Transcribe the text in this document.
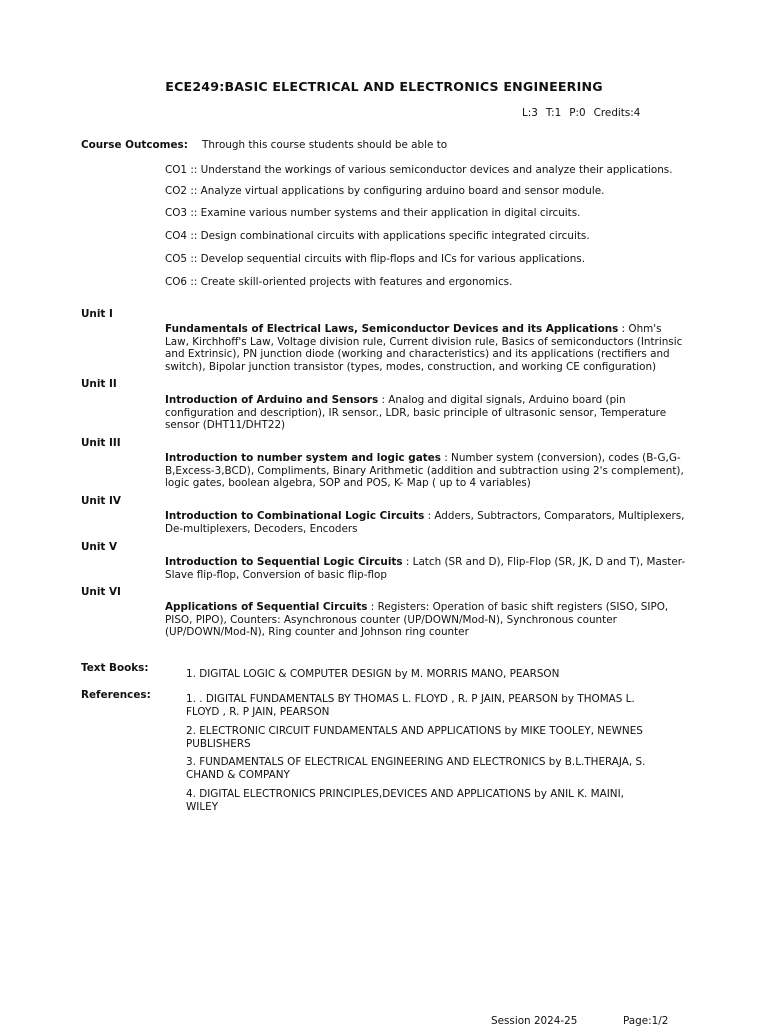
ECE249:BASIC ELECTRICAL AND ELECTRONICS ENGINEERING
L:3 T:1 P:0 Credits:4
Course Outcomes: Through this course students should be able to
CO1 :: Understand the workings of various semiconductor devices and analyze their applications.
CO2 :: Analyze virtual applications by configuring arduino board and sensor module.
CO3 :: Examine various number systems and their application in digital circuits.
CO4 :: Design combinational circuits with applications specific integrated circuits.
CO5 :: Develop sequential circuits with flip-flops and ICs for various applications.
CO6 :: Create skill-oriented projects with features and ergonomics.
Unit I
Fundamentals of Electrical Laws, Semiconductor Devices and its Applications : Ohm's Law, Kirchhoff's Law, Voltage division rule, Current division rule, Basics of semiconductors (Intrinsic and Extrinsic), PN junction diode (working and characteristics) and its applications (rectifiers and switch), Bipolar junction transistor (types, modes, construction, and working CE configuration)
Unit II
Introduction of Arduino and Sensors : Analog and digital signals, Arduino board (pin configuration and description), IR sensor., LDR, basic principle of ultrasonic sensor, Temperature sensor (DHT11/DHT22)
Unit III
Introduction to number system and logic gates : Number system (conversion), codes (B-G,G-B,Excess-3,BCD), Compliments, Binary Arithmetic (addition and subtraction using 2's complement), logic gates, boolean algebra, SOP and POS, K- Map ( up to 4 variables)
Unit IV
Introduction to Combinational Logic Circuits : Adders, Subtractors, Comparators, Multiplexers, De-multiplexers, Decoders, Encoders
Unit V
Introduction to Sequential Logic Circuits : Latch (SR and D), Flip-Flop (SR, JK, D and T), Master-Slave flip-flop, Conversion of basic flip-flop
Unit VI
Applications of Sequential Circuits : Registers: Operation of basic shift registers (SISO, SIPO, PISO, PIPO), Counters: Asynchronous counter (UP/DOWN/Mod-N), Synchronous counter (UP/DOWN/Mod-N), Ring counter and Johnson ring counter
Text Books:	1. DIGITAL LOGIC & COMPUTER DESIGN by M. MORRIS MANO, PEARSON
References:	1. . DIGITAL FUNDAMENTALS BY THOMAS L. FLOYD , R. P JAIN, PEARSON by THOMAS L. FLOYD , R. P JAIN, PEARSON
2. ELECTRONIC CIRCUIT FUNDAMENTALS AND APPLICATIONS by MIKE TOOLEY, NEWNES PUBLISHERS
3. FUNDAMENTALS OF ELECTRICAL ENGINEERING AND ELECTRONICS by B.L.THERAJA, S. CHAND & COMPANY
4. DIGITAL ELECTRONICS PRINCIPLES,DEVICES AND APPLICATIONS by ANIL K. MAINI, WILEY
Session 2024-25	Page:1/2
